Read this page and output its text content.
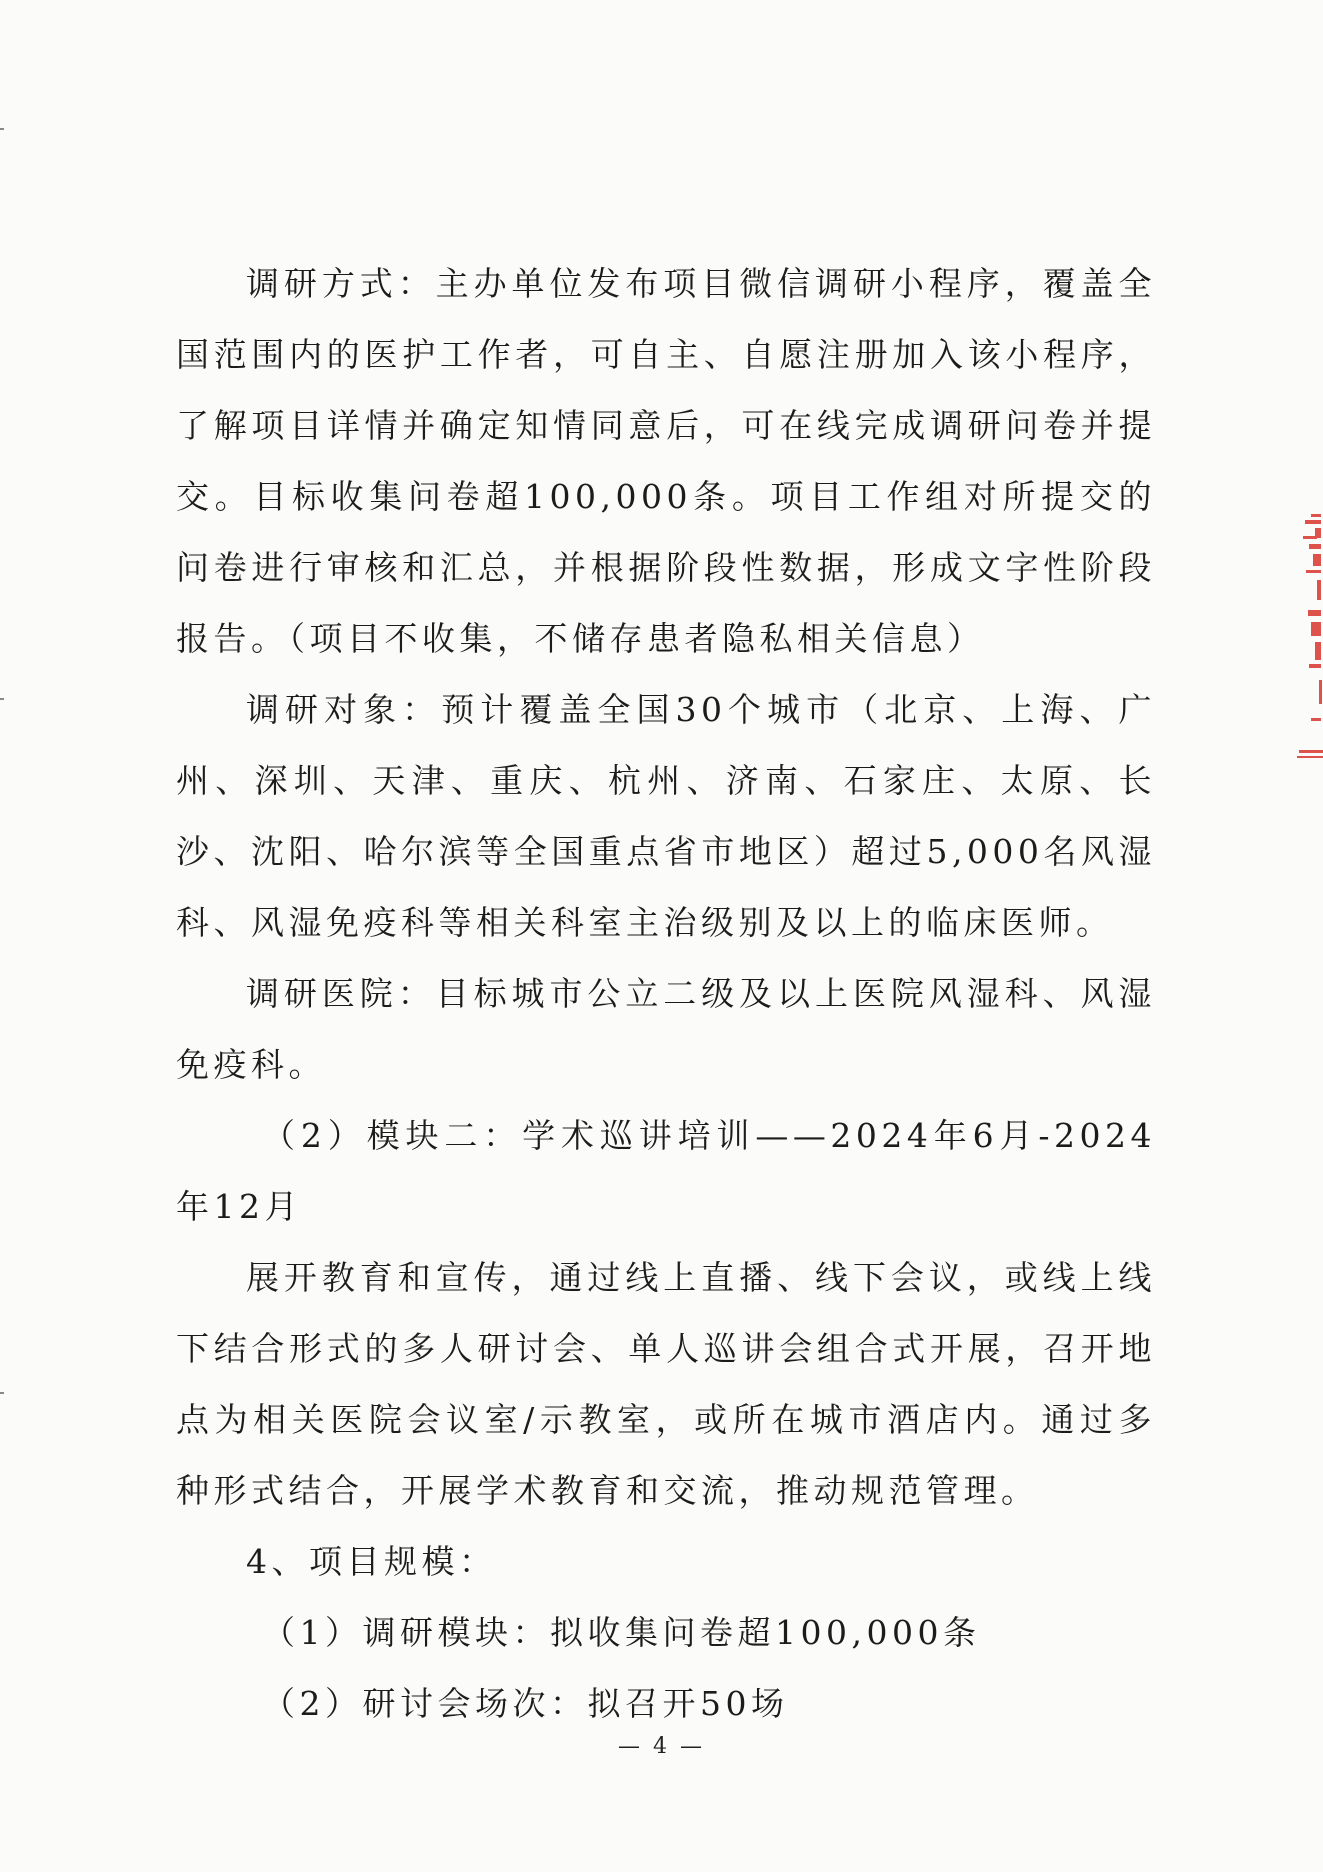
调研方式：主办单位发布项目微信调研小程序，覆盖全国范围内的医护工作者，可自主、自愿注册加入该小程序，了解项目详情并确定知情同意后，可在线完成调研问卷并提交。目标收集问卷超100,000条。项目工作组对所提交的问卷进行审核和汇总，并根据阶段性数据，形成文字性阶段报告。（项目不收集，不储存患者隐私相关信息）

调研对象：预计覆盖全国30个城市（北京、上海、广州、深圳、天津、重庆、杭州、济南、石家庄、太原、长沙、沈阳、哈尔滨等全国重点省市地区）超过5,000名风湿科、风湿免疫科等相关科室主治级别及以上的临床医师。

调研医院：目标城市公立二级及以上医院风湿科、风湿免疫科。

（2）模块二：学术巡讲培训——2024年6月-2024年12月

展开教育和宣传，通过线上直播、线下会议，或线上线下结合形式的多人研讨会、单人巡讲会组合式开展，召开地点为相关医院会议室/示教室，或所在城市酒店内。通过多种形式结合，开展学术教育和交流，推动规范管理。

4、项目规模：

（1）调研模块：拟收集问卷超100,000条

（2）研讨会场次：拟召开50场

— 4 —
